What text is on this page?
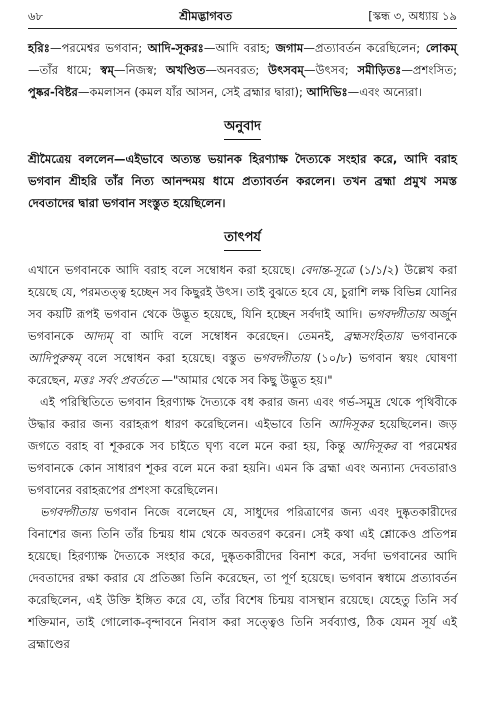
৬৮	শ্রীমদ্ভাগবত	[স্কন্ধ ৩, অধ্যায় ১৯
হরিঃ—পরমেশ্বর ভগবান; আদি-সূকরঃ—আদি বরাহ; জগাম—প্রত্যাবর্তন করেছিলেন; লোকম্—তাঁর ধামে; স্বম্—নিজস্ব; অখণ্ডিত—অনবরত; উৎসবম্—উৎসব; সমীড়িতঃ—প্রশংসিত; পুষ্কর-বিষ্টর—কমলাসন (কমল যাঁর আসন, সেই ব্রহ্মার দ্বারা); আদিভিঃ—এবং অন্যেরা।
অনুবাদ
শ্রীমৈত্রেয় বললেন—এইভাবে অত্যন্ত ভয়ানক হিরণ্যাক্ষ দৈত্যকে সংহার করে, আদি বরাহ ভগবান শ্রীহরি তাঁর নিত্য আনন্দময় ধামে প্রত্যাবর্তন করলেন। তখন ব্রহ্মা প্রমুখ সমস্ত দেবতাদের দ্বারা ভগবান সংস্তুত হয়েছিলেন।
তাৎপর্য

এখানে ভগবানকে আদি বরাহ বলে সম্বোধন করা হয়েছে। বেদান্ত-সূত্রে (১/১/২) উল্লেখ করা হয়েছে যে, পরমতত্ত্ব হচ্ছেন সব কিছুরই উৎস। তাই বুঝতে হবে যে, চুরাশি লক্ষ বিভিন্ন যোনির সব কয়টি রূপই ভগবান থেকে উদ্ভূত হয়েছে, যিনি হচ্ছেন সর্বদাই আদি। ভগবদ্গীতায় অর্জুন ভগবানকে আদ্যম্ বা আদি বলে সম্বোধন করেছেন। তেমনই, ব্রহ্মসংহিতায় ভগবানকে আদিপুরুষম্ বলে সম্বোধন করা হয়েছে। বস্তুত ভগবদ্গীতায় (১০/৮) ভগবান স্বয়ং ঘোষণা করেছেন, মত্তঃ সর্বং প্রবর্ততে —"আমার থেকে সব কিছু উদ্ভূত হয়।"

এই পরিস্থিতিতে ভগবান হিরণ্যাক্ষ দৈত্যকে বধ করার জন্য এবং গর্ভ-সমুদ্র থেকে পৃথিবীকে উদ্ধার করার জন্য বরাহরূপ ধারণ করেছিলেন। এইভাবে তিনি আদিসূকর হয়েছিলেন। জড় জগতে বরাহ বা শূকরকে সব চাইতে ঘৃণ্য বলে মনে করা হয়, কিন্তু আদিসূকর বা পরমেশ্বর ভগবানকে কোন সাধারণ শূকর বলে মনে করা হয়নি। এমন কি ব্রহ্মা এবং অন্যান্য দেবতারাও ভগবানের বরাহরূপের প্রশংসা করেছিলেন।

ভগবদ্গীতায় ভগবান নিজে বলেছেন যে, সাধুদের পরিত্রাণের জন্য এবং দুষ্কৃতকারীদের বিনাশের জন্য তিনি তাঁর চিন্ময় ধাম থেকে অবতরণ করেন। সেই কথা এই শ্লোকেও প্রতিপন্ন হয়েছে। হিরণ্যাক্ষ দৈত্যকে সংহার করে, দুষ্কৃতকারীদের বিনাশ করে, সর্বদা ভগবানের আদি দেবতাদের রক্ষা করার যে প্রতিজ্ঞা তিনি করেছেন, তা পূর্ণ হয়েছে। ভগবান স্বধামে প্রত্যাবর্তন করেছিলেন, এই উক্তি ইঙ্গিত করে যে, তাঁর বিশেষ চিন্ময় বাসস্থান রয়েছে। যেহেতু তিনি সর্ব শক্তিমান, তাই গোলোক-বৃন্দাবনে নিবাস করা সত্ত্বেও তিনি সর্বব্যাপ্ত, ঠিক যেমন সূর্য এই ব্রহ্মাণ্ডের
